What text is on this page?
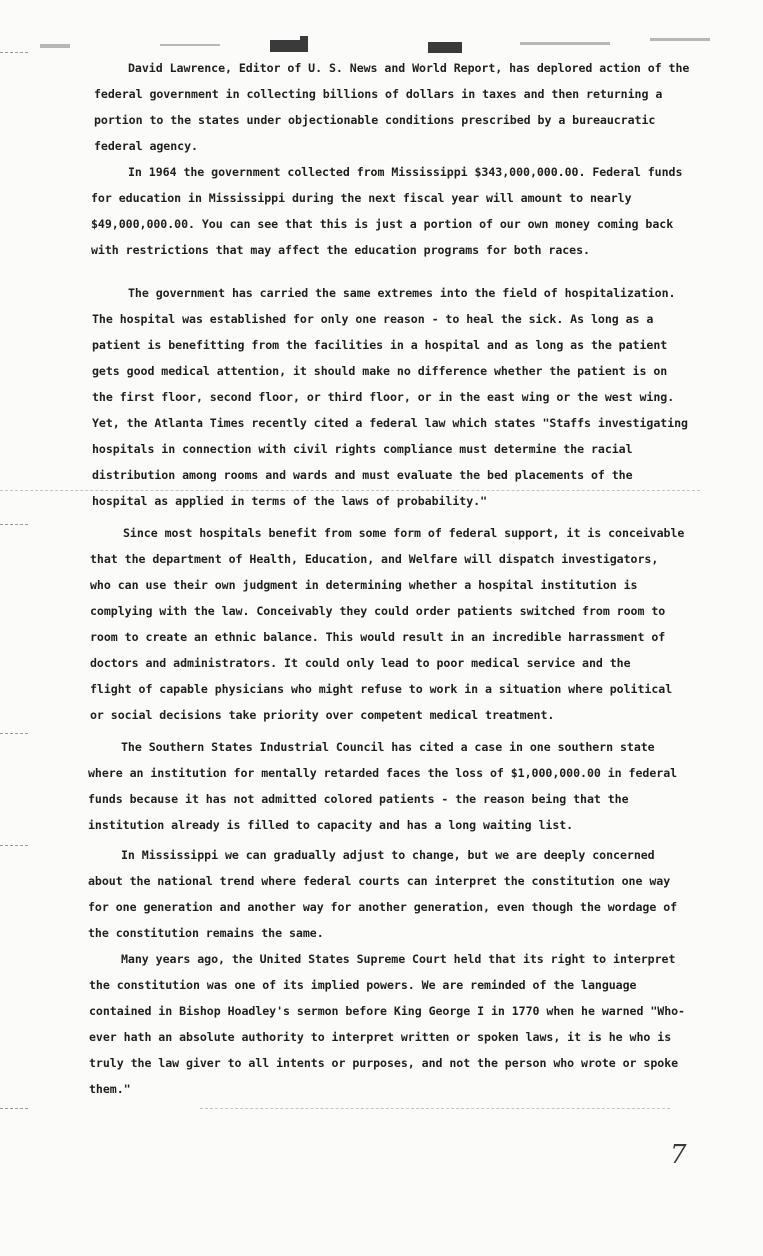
David Lawrence, Editor of U. S. News and World Report, has deplored action of the
federal government in collecting billions of dollars in taxes and then returning a
portion to the states under objectionable conditions prescribed by a bureaucratic
federal agency.
In 1964 the government collected from Mississippi $343,000,000.00. Federal funds
for education in Mississippi during the next fiscal year will amount to nearly
$49,000,000.00. You can see that this is just a portion of our own money coming back
with restrictions that may affect the education programs for both races.
The government has carried the same extremes into the field of hospitalization.
The hospital was established for only one reason - to heal the sick. As long as a
patient is benefitting from the facilities in a hospital and as long as the patient
gets good medical attention, it should make no difference whether the patient is on
the first floor, second floor, or third floor, or in the east wing or the west wing.
Yet, the Atlanta Times recently cited a federal law which states "Staffs investigating
hospitals in connection with civil rights compliance must determine the racial
distribution among rooms and wards and must evaluate the bed placements of the
hospital as applied in terms of the laws of probability."
Since most hospitals benefit from some form of federal support, it is conceivable
that the department of Health, Education, and Welfare will dispatch investigators,
who can use their own judgment in determining whether a hospital institution is
complying with the law. Conceivably they could order patients switched from room to
room to create an ethnic balance. This would result in an incredible harrassment of
doctors and administrators. It could only lead to poor medical service and the
flight of capable physicians who might refuse to work in a situation where political
or social decisions take priority over competent medical treatment.
The Southern States Industrial Council has cited a case in one southern state
where an institution for mentally retarded faces the loss of $1,000,000.00 in federal
funds because it has not admitted colored patients - the reason being that the
institution already is filled to capacity and has a long waiting list.
In Mississippi we can gradually adjust to change, but we are deeply concerned
about the national trend where federal courts can interpret the constitution one way
for one generation and another way for another generation, even though the wordage of
the constitution remains the same.
Many years ago, the United States Supreme Court held that its right to interpret
the constitution was one of its implied powers. We are reminded of the language
contained in Bishop Hoadley's sermon before King George I in 1770 when he warned "Who-
ever hath an absolute authority to interpret written or spoken laws, it is he who is
truly the law giver to all intents or purposes, and not the person who wrote or spoke
them."
7
